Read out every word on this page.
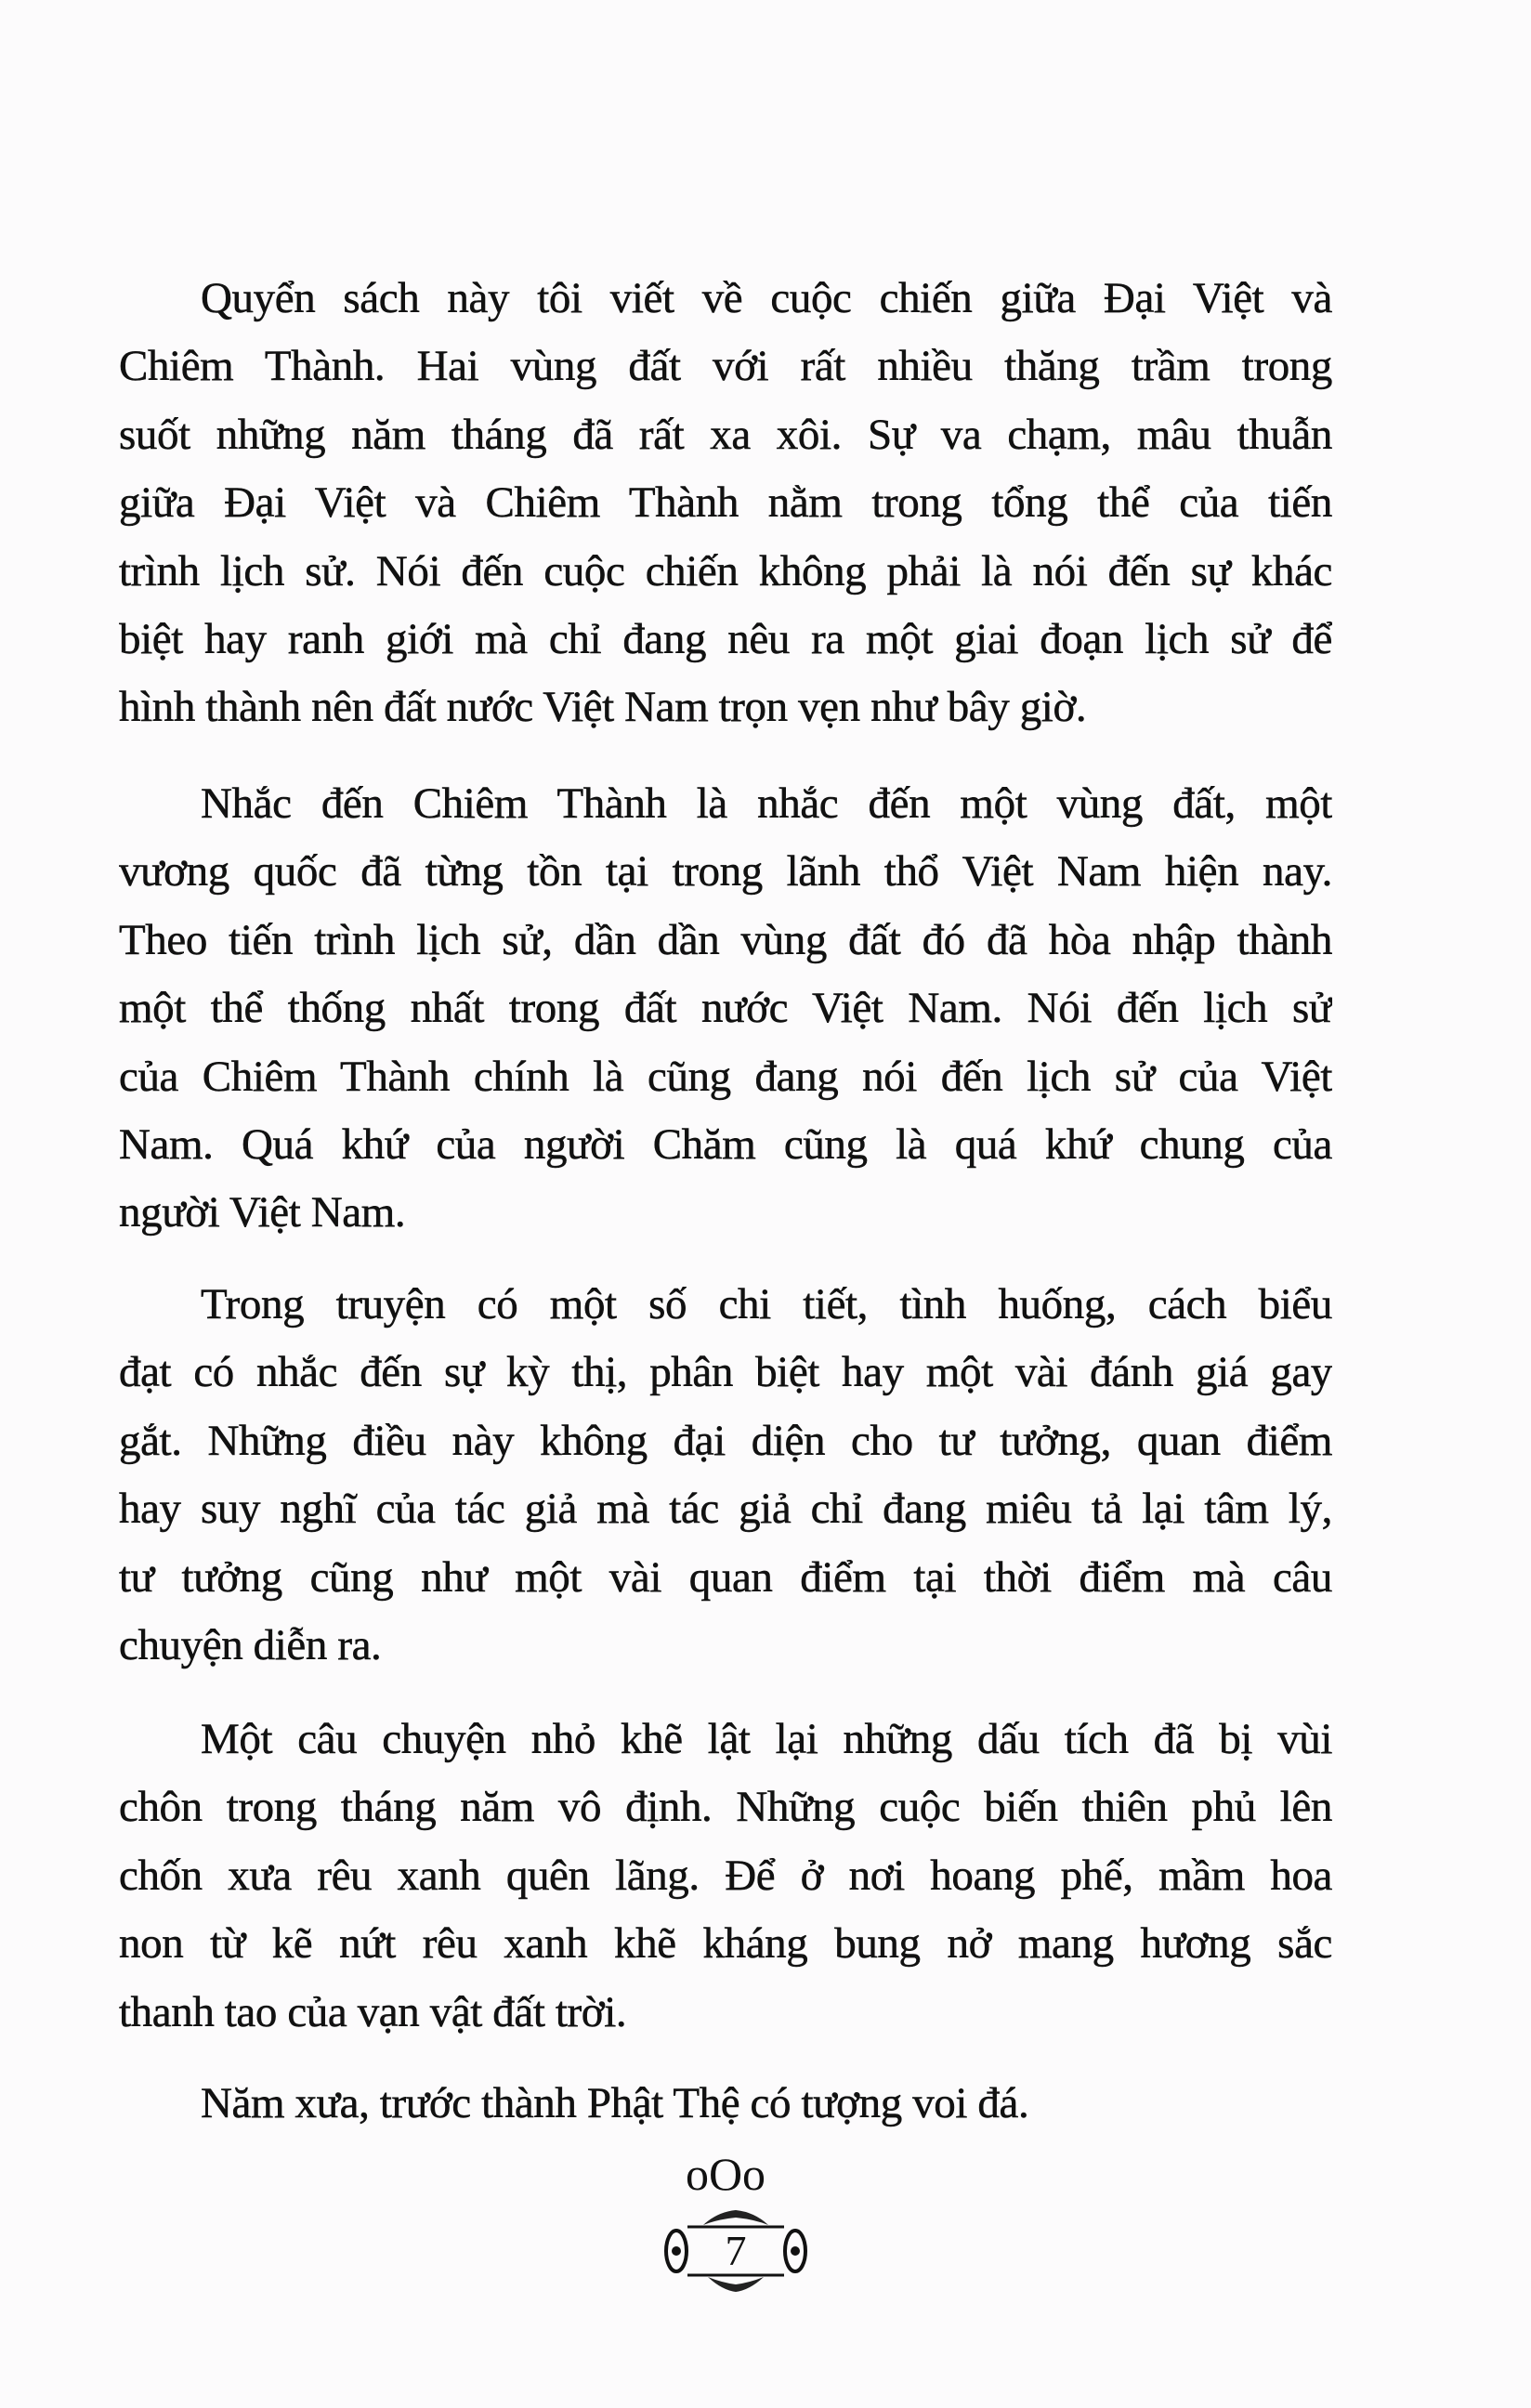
Quyển sách này tôi viết về cuộc chiến giữa Đại Việt và
Chiêm Thành. Hai vùng đất với rất nhiều thăng trầm trong
suốt những năm tháng đã rất xa xôi. Sự va chạm, mâu thuẫn
giữa Đại Việt và Chiêm Thành nằm trong tổng thể của tiến
trình lịch sử. Nói đến cuộc chiến không phải là nói đến sự khác
biệt hay ranh giới mà chỉ đang nêu ra một giai đoạn lịch sử để
hình thành nên đất nước Việt Nam trọn vẹn như bây giờ.
Nhắc đến Chiêm Thành là nhắc đến một vùng đất, một
vương quốc đã từng tồn tại trong lãnh thổ Việt Nam hiện nay.
Theo tiến trình lịch sử, dần dần vùng đất đó đã hòa nhập thành
một thể thống nhất trong đất nước Việt Nam. Nói đến lịch sử
của Chiêm Thành chính là cũng đang nói đến lịch sử của Việt
Nam. Quá khứ của người Chăm cũng là quá khứ chung của
người Việt Nam.
Trong truyện có một số chi tiết, tình huống, cách biểu
đạt có nhắc đến sự kỳ thị, phân biệt hay một vài đánh giá gay
gắt. Những điều này không đại diện cho tư tưởng, quan điểm
hay suy nghĩ của tác giả mà tác giả chỉ đang miêu tả lại tâm lý,
tư tưởng cũng như một vài quan điểm tại thời điểm mà câu
chuyện diễn ra.
Một câu chuyện nhỏ khẽ lật lại những dấu tích đã bị vùi
chôn trong tháng năm vô định. Những cuộc biến thiên phủ lên
chốn xưa rêu xanh quên lãng. Để ở nơi hoang phế, mầm hoa
non từ kẽ nứt rêu xanh khẽ kháng bung nở mang hương sắc
thanh tao của vạn vật đất trời.
Năm xưa, trước thành Phật Thệ có tượng voi đá.
oOo
7
